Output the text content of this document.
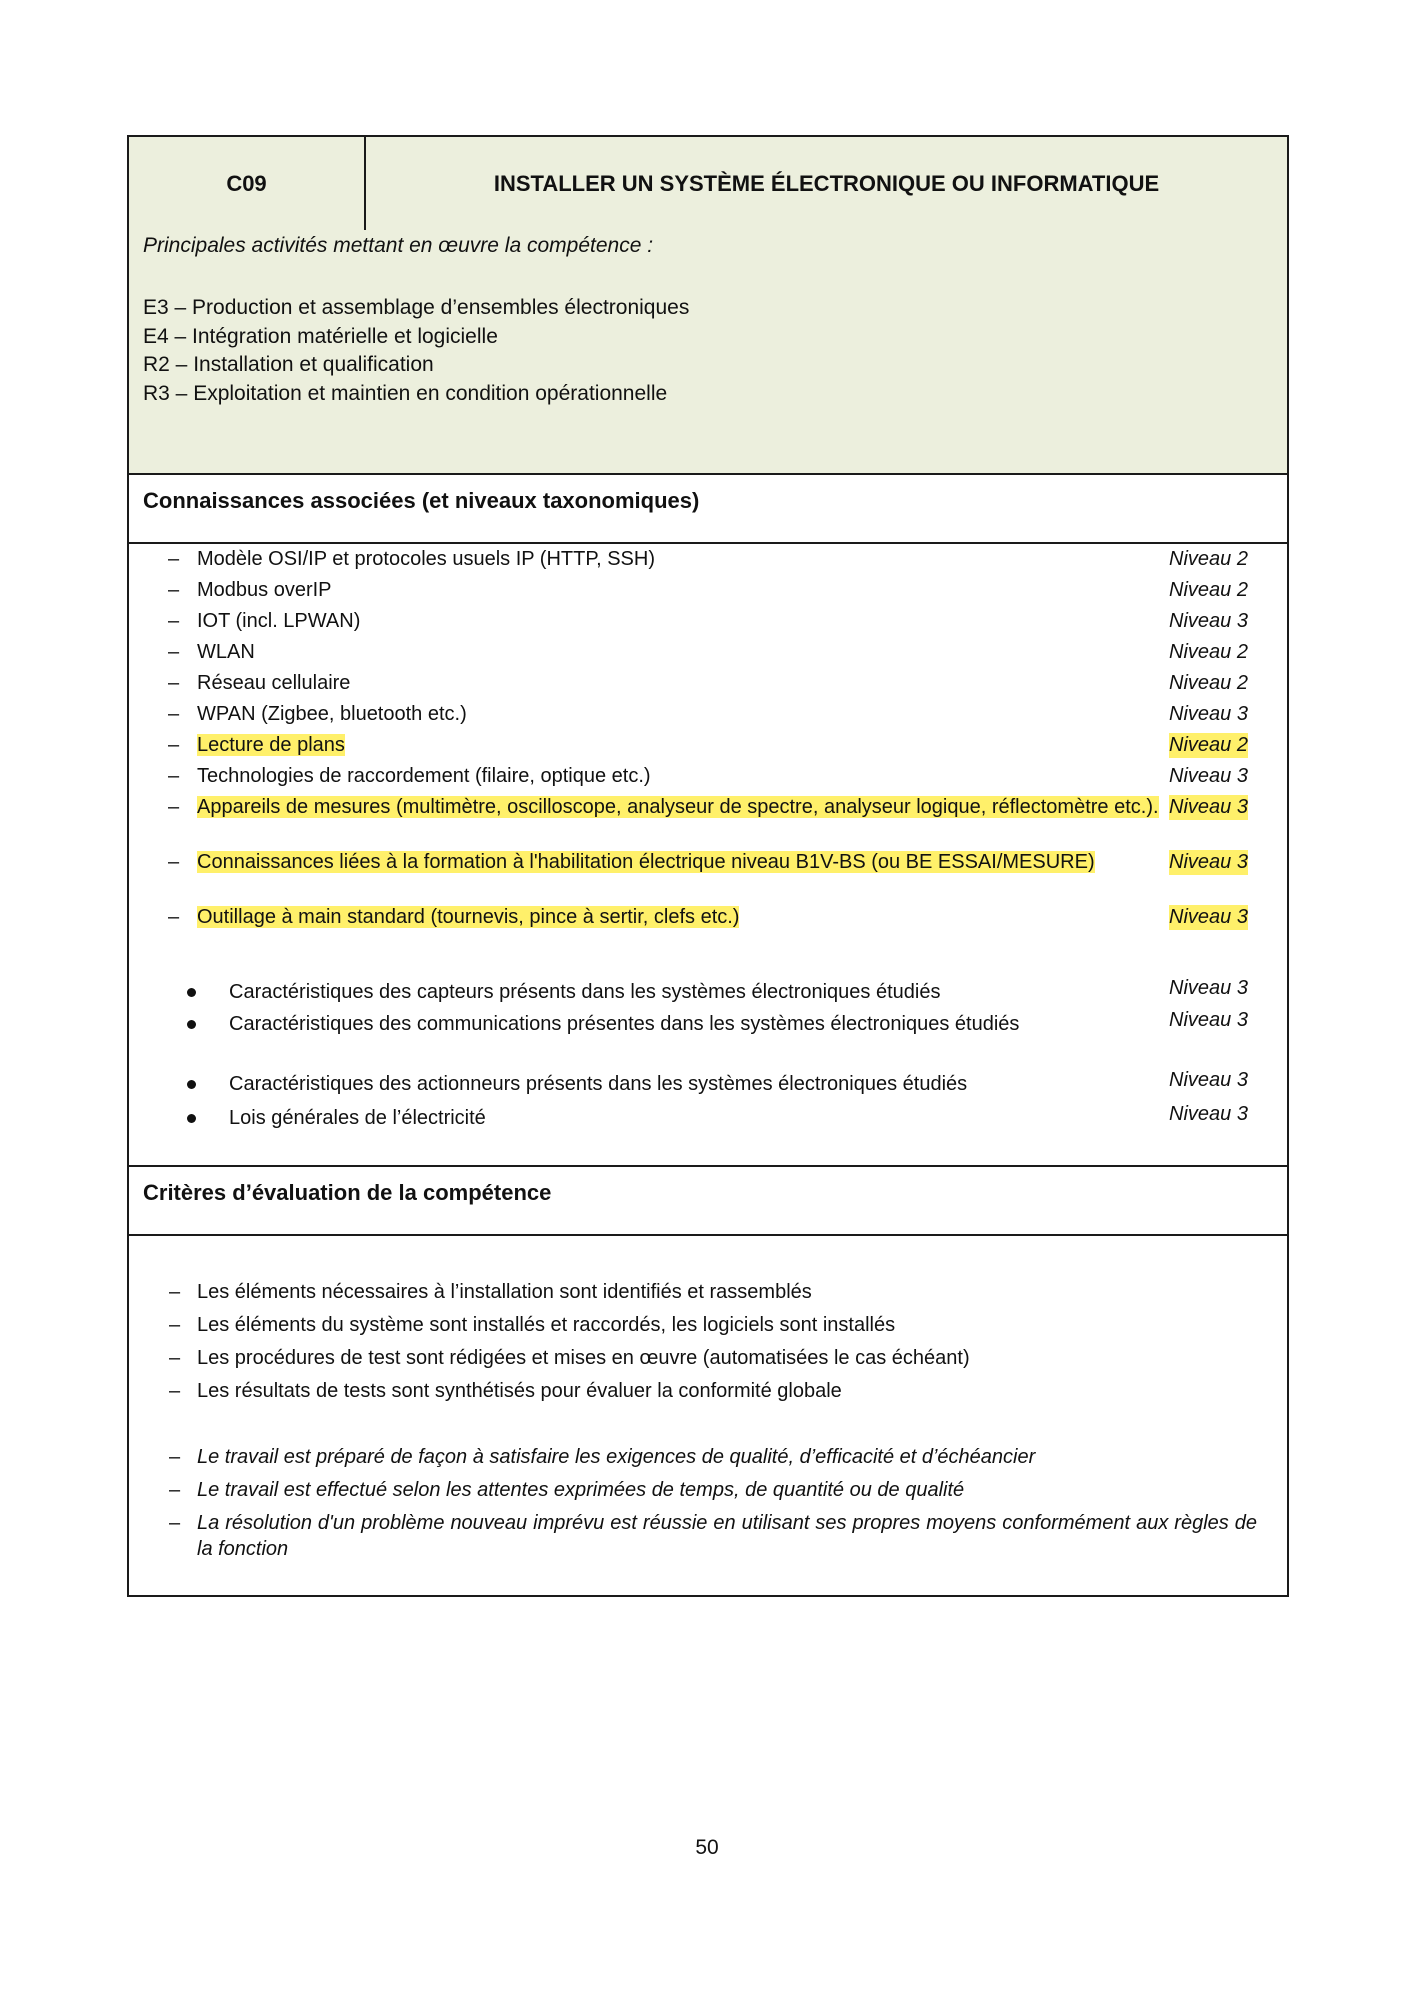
C09	INSTALLER UN SYSTÈME ÉLECTRONIQUE OU INFORMATIQUE
Principales activités mettant en œuvre la compétence :
E3 – Production et assemblage d’ensembles électroniques
E4 – Intégration matérielle et logicielle
R2 – Installation et qualification
R3 – Exploitation et maintien en condition opérationnelle
Connaissances associées (et niveaux taxonomiques)
– Modèle OSI/IP et protocoles usuels IP (HTTP, SSH)	Niveau 2
– Modbus overIP	Niveau 2
– IOT (incl. LPWAN)	Niveau 3
– WLAN	Niveau 2
– Réseau cellulaire	Niveau 2
– WPAN (Zigbee, bluetooth etc.)	Niveau 3
– Lecture de plans	Niveau 2
– Technologies de raccordement (filaire, optique etc.)	Niveau 3
– Appareils de mesures (multimètre, oscilloscope, analyseur de spectre, analyseur logique, réflectomètre etc.). Niveau 3
– Connaissances liées à la formation à l'habilitation électrique niveau B1V-BS (ou BE ESSAI/MESURE)	Niveau 3
– Outillage à main standard (tournevis, pince à sertir, clefs etc.)	Niveau 3
Caractéristiques des capteurs présents dans les systèmes électroniques étudiés	Niveau 3
Caractéristiques des communications présentes dans les systèmes électroniques étudiés	Niveau 3
Caractéristiques des actionneurs présents dans les systèmes électroniques étudiés	Niveau 3
Lois générales de l’électricité	Niveau 3
Critères d’évaluation de la compétence
– Les éléments nécessaires à l’installation sont identifiés et rassemblés
– Les éléments du système sont installés et raccordés, les logiciels sont installés
– Les procédures de test sont rédigées et mises en œuvre (automatisées le cas échéant)
– Les résultats de tests sont synthétisés pour évaluer la conformité globale
– Le travail est préparé de façon à satisfaire les exigences de qualité, d’efficacité et d’échéancier
– Le travail est effectué selon les attentes exprimées de temps, de quantité ou de qualité
– La résolution d'un problème nouveau imprévu est réussie en utilisant ses propres moyens conformément aux règles de la fonction
50
